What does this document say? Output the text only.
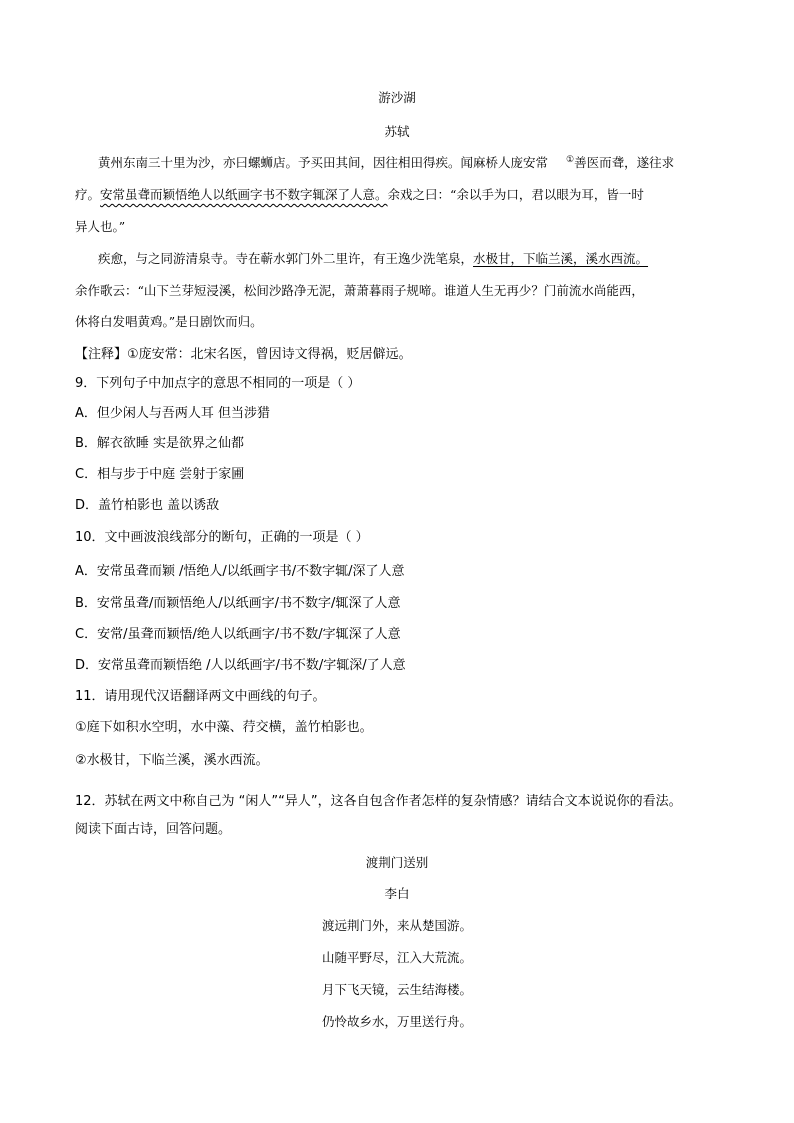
游沙湖
苏轼
黄州东南三十里为沙，亦曰螺蛳店。予买田其间，因往相田得疾。闻麻桥人庞安常 ①善医而聋，遂往求
疗。安常虽聋而颖悟绝人以纸画字书不数字辄深了人意。余戏之曰：“余以手为口，君以眼为耳，皆一时
异人也。”
疾愈，与之同游清泉寺。寺在蕲水郭门外二里许，有王逸少洗笔泉，水极甘，下临兰溪，溪水西流。
余作歌云：“山下兰芽短浸溪，松间沙路净无泥，萧萧暮雨子规啼。谁道人生无再少？门前流水尚能西，
休将白发唱黄鸡。”是日剧饮而归。
【注释】①庞安常：北宋名医，曾因诗文得祸，贬居僻远。
9．下列句子中加点字的意思不相同的一项是（ ）
A．但少闲人与吾两人耳 但当涉猎
B．解衣欲睡 实是欲界之仙都
C．相与步于中庭 尝射于家圃
D．盖竹柏影也 盖以诱敌
10．文中画波浪线部分的断句，正确的一项是（ ）
A．安常虽聋而颖 /悟绝人/以纸画字书/不数字辄/深了人意
B．安常虽聋/而颖悟绝人/以纸画字/书不数字/辄深了人意
C．安常/虽聋而颖悟/绝人以纸画字/书不数/字辄深了人意
D．安常虽聋而颖悟绝 /人以纸画字/书不数/字辄深/了人意
11．请用现代汉语翻译两文中画线的句子。
①庭下如积水空明，水中藻、荇交横，盖竹柏影也。
②水极甘，下临兰溪，溪水西流。
12．苏轼在两文中称自己为 “闲人”“异人”，这各自包含作者怎样的复杂情感？请结合文本说说你的看法。
阅读下面古诗，回答问题。
渡荆门送别
李白
渡远荆门外，来从楚国游。
山随平野尽，江入大荒流。
月下飞天镜，云生结海楼。
仍怜故乡水，万里送行舟。
